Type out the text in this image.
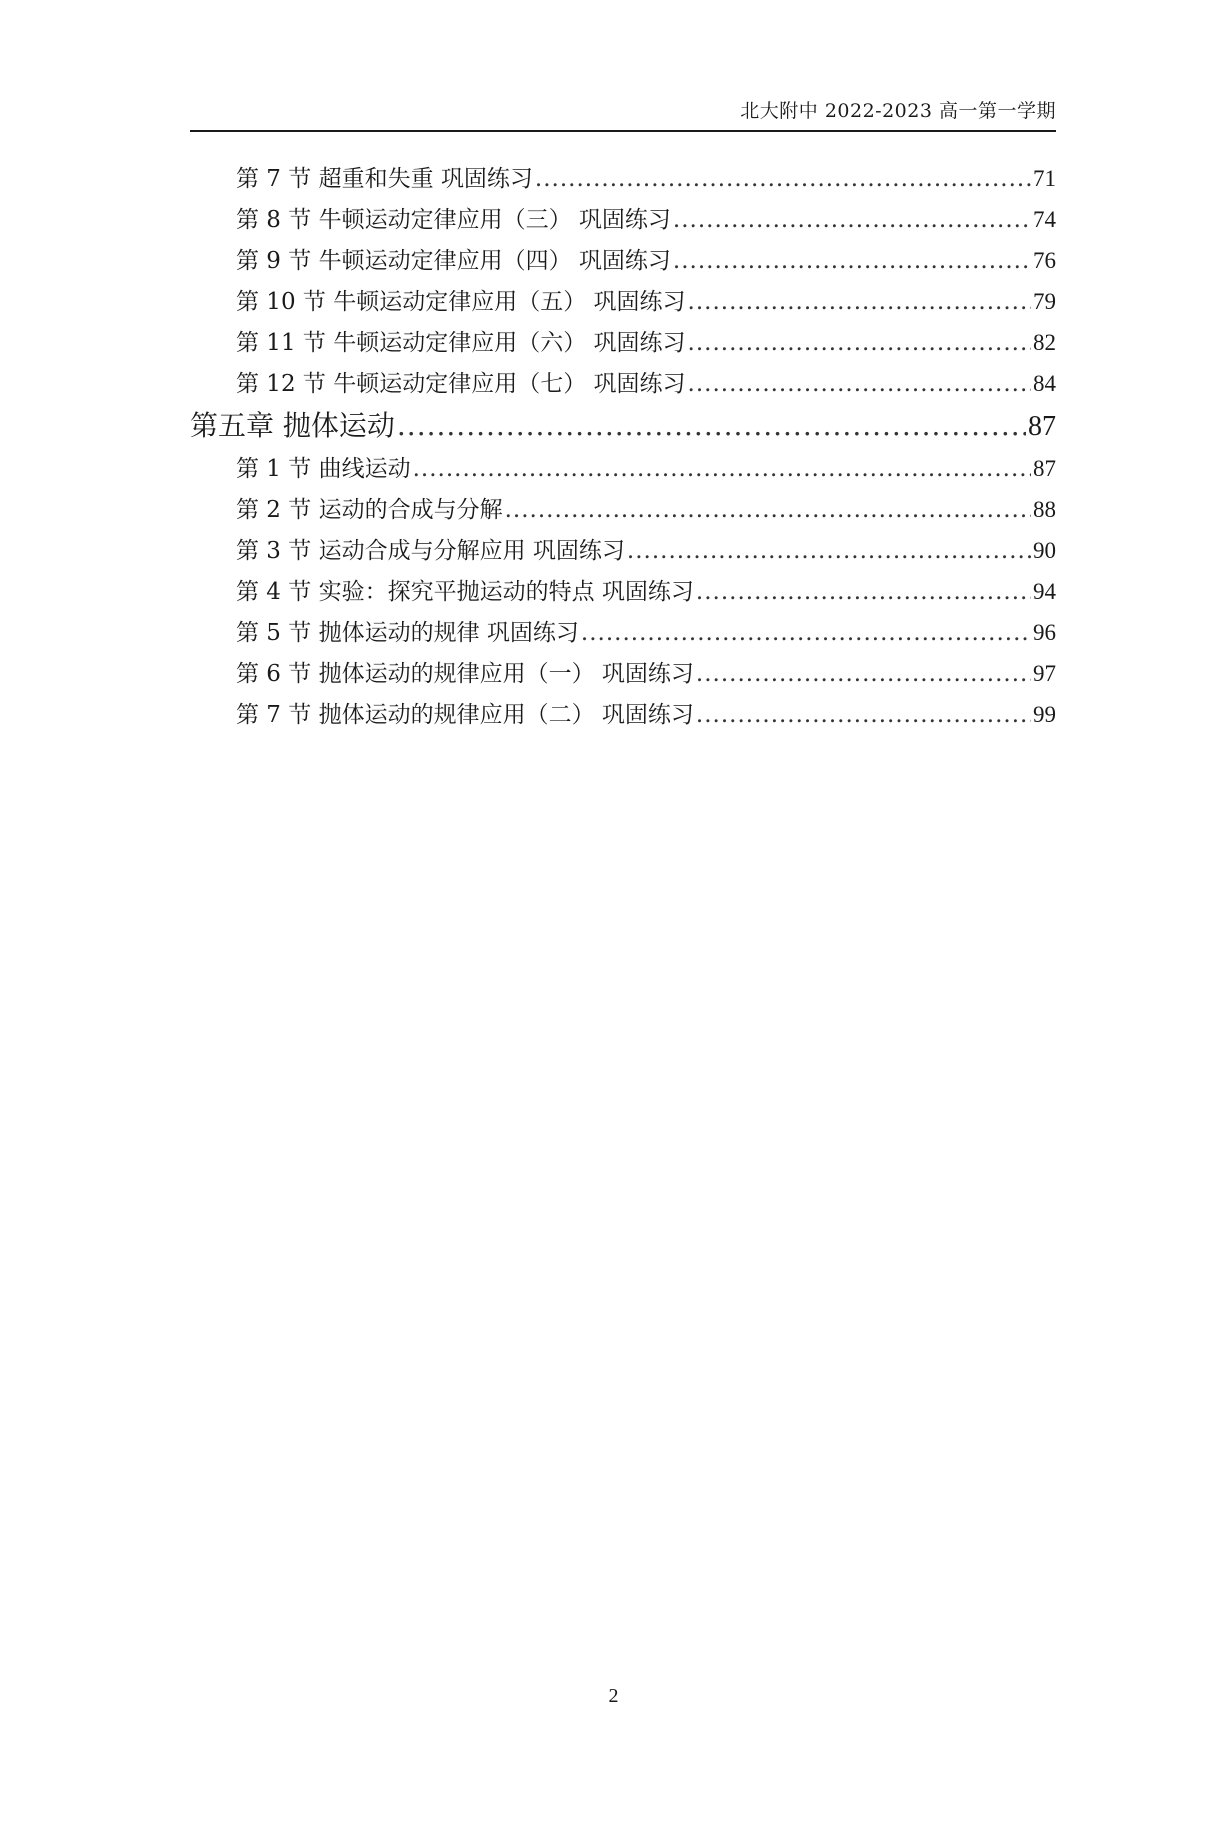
北大附中 2022-2023 高一第一学期
第 7 节 超重和失重 巩固练习 .....	71
第 8 节 牛顿运动定律应用（三） 巩固练习 .....	74
第 9 节 牛顿运动定律应用（四） 巩固练习 .....	76
第 10 节 牛顿运动定律应用（五） 巩固练习 .....	79
第 11 节 牛顿运动定律应用（六） 巩固练习 .....	82
第 12 节 牛顿运动定律应用（七） 巩固练习 .....	84
第五章 抛体运动 .....	87
第 1 节 曲线运动 .....	87
第 2 节 运动的合成与分解 .....	88
第 3 节 运动合成与分解应用 巩固练习 .....	90
第 4 节 实验：探究平抛运动的特点 巩固练习 .....	94
第 5 节 抛体运动的规律 巩固练习 .....	96
第 6 节 抛体运动的规律应用（一） 巩固练习 .....	97
第 7 节 抛体运动的规律应用（二） 巩固练习 .....	99
2
